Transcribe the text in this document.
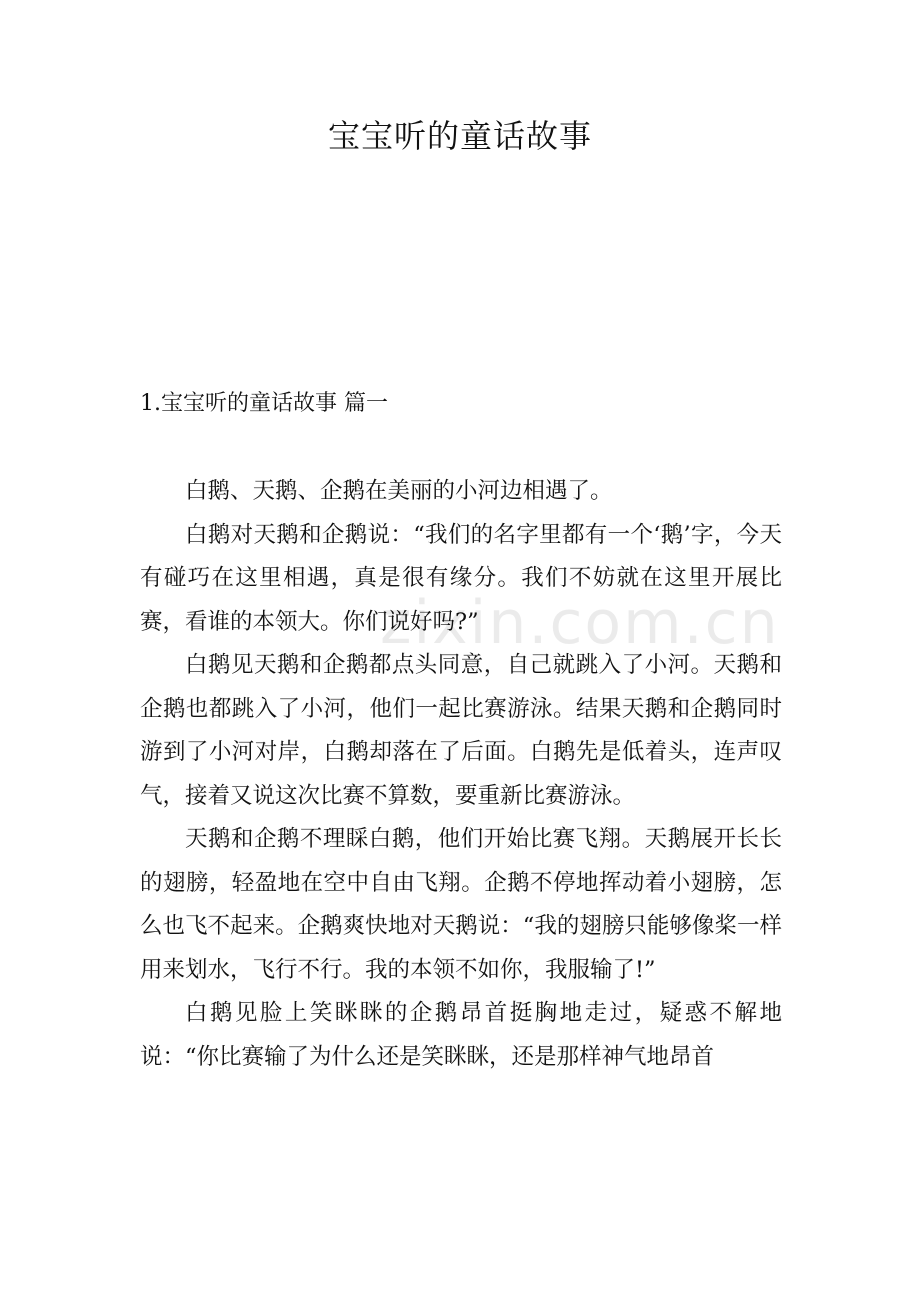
宝宝听的童话故事
1.宝宝听的童话故事 篇一

白鹅、天鹅、企鹅在美丽的小河边相遇了。

白鹅对天鹅和企鹅说：“我们的名字里都有一个‘鹅’字，今天有碰巧在这里相遇，真是很有缘分。我们不妨就在这里开展比赛，看谁的本领大。你们说好吗?”

白鹅见天鹅和企鹅都点头同意，自己就跳入了小河。天鹅和企鹅也都跳入了小河，他们一起比赛游泳。结果天鹅和企鹅同时游到了小河对岸，白鹅却落在了后面。白鹅先是低着头，连声叹气，接着又说这次比赛不算数，要重新比赛游泳。

天鹅和企鹅不理睬白鹅，他们开始比赛飞翔。天鹅展开长长的翅膀，轻盈地在空中自由飞翔。企鹅不停地挥动着小翅膀，怎么也飞不起来。企鹅爽快地对天鹅说：“我的翅膀只能够像桨一样用来划水，飞行不行。我的本领不如你，我服输了!”

白鹅见脸上笑眯眯的企鹅昂首挺胸地走过，疑惑不解地说：“你比赛输了为什么还是笑眯眯，还是那样神气地昂首

zixin.com.cn
